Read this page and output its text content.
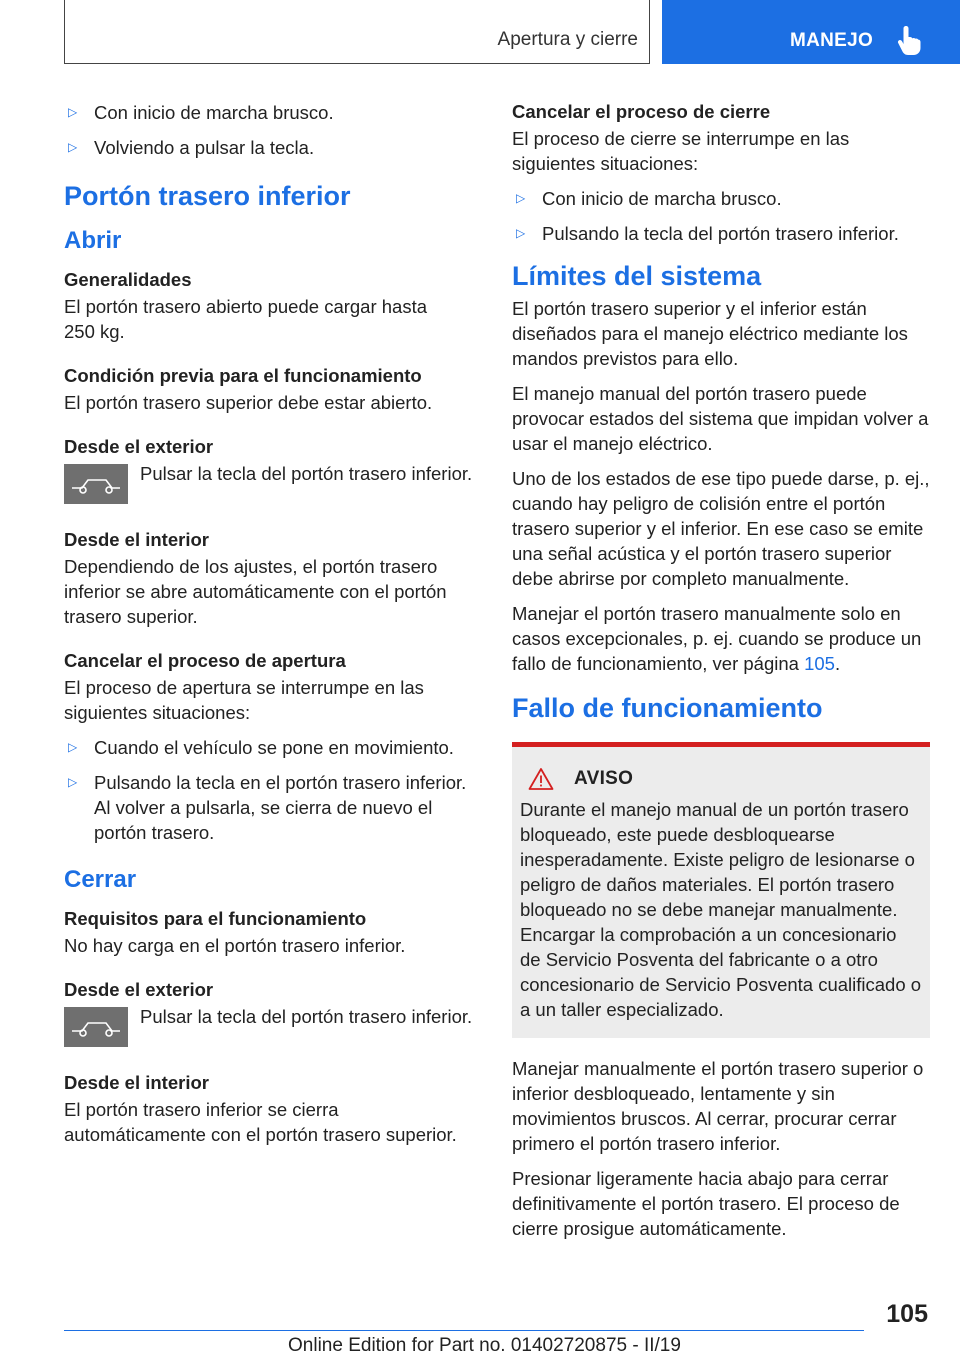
Apertura y cierre	MANEJO
▷ Con inicio de marcha brusco.
▷ Volviendo a pulsar la tecla.
Portón trasero inferior
Abrir
Generalidades

El portón trasero abierto puede cargar hasta 250 kg.

Condición previa para el funcionamiento

El portón trasero superior debe estar abierto.

Desde el exterior

Pulsar la tecla del portón trasero inferior.

Desde el interior

Dependiendo de los ajustes, el portón trasero inferior se abre automáticamente con el portón trasero superior.

Cancelar el proceso de apertura

El proceso de apertura se interrumpe en las siguientes situaciones:

▷ Cuando el vehículo se pone en movimiento.
▷ Pulsando la tecla en el portón trasero inferior. Al volver a pulsarla, se cierra de nuevo el portón trasero.
Cerrar
Requisitos para el funcionamiento

No hay carga en el portón trasero inferior.

Desde el exterior

Pulsar la tecla del portón trasero inferior.

Desde el interior

El portón trasero inferior se cierra automáticamente con el portón trasero superior.

Cancelar el proceso de cierre

El proceso de cierre se interrumpe en las siguientes situaciones:

▷ Con inicio de marcha brusco.
▷ Pulsando la tecla del portón trasero inferior.
Límites del sistema

El portón trasero superior y el inferior están diseñados para el manejo eléctrico mediante los mandos previstos para ello.

El manejo manual del portón trasero puede provocar estados del sistema que impidan volver a usar el manejo eléctrico.

Uno de los estados de ese tipo puede darse, p. ej., cuando hay peligro de colisión entre el portón trasero superior y el inferior. En ese caso se emite una señal acústica y el portón trasero superior debe abrirse por completo manualmente.

Manejar el portón trasero manualmente solo en casos excepcionales, p. ej. cuando se produce un fallo de funcionamiento, ver página 105.

Fallo de funcionamiento
AVISO

Durante el manejo manual de un portón trasero bloqueado, este puede desbloquearse inesperadamente. Existe peligro de lesionarse o peligro de daños materiales. El portón trasero bloqueado no se debe manejar manualmente. Encargar la comprobación a un concesionario de Servicio Posventa del fabricante o a otro concesionario de Servicio Posventa cualificado o a un taller especializado.

Manejar manualmente el portón trasero superior o inferior desbloqueado, lentamente y sin movimientos bruscos. Al cerrar, procurar cerrar primero el portón trasero inferior.

Presionar ligeramente hacia abajo para cerrar definitivamente el portón trasero. El proceso de cierre prosigue automáticamente.

105
Online Edition for Part no. 01402720875 - II/19
